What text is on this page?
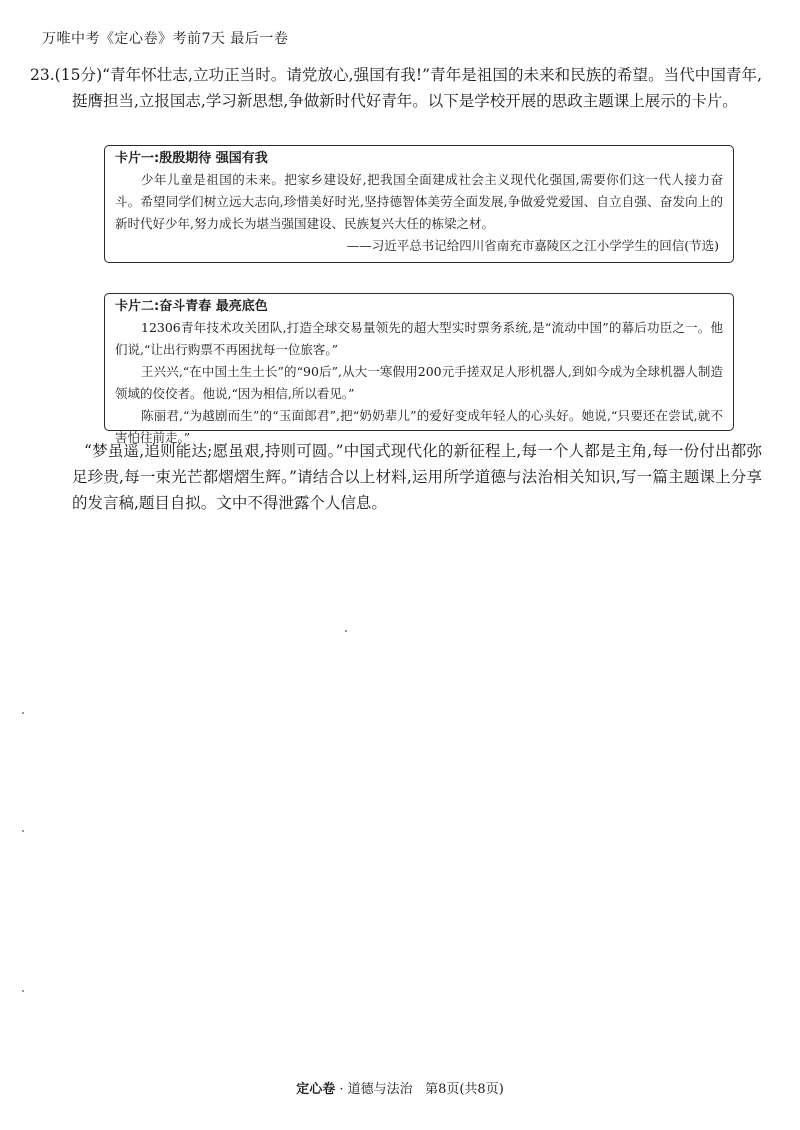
万唯中考《定心卷》考前7天 最后一卷
23.(15分)“青年怀壮志,立功正当时。请党放心,强国有我!”青年是祖国的未来和民族的希望。当代中国青年,挺膺担当,立报国志,学习新思想,争做新时代好青年。以下是学校开展的思政主题课上展示的卡片。
卡片一:殷殷期待 强国有我

少年儿童是祖国的未来。把家乡建设好,把我国全面建成社会主义现代化强国,需要你们这一代人接力奋斗。希望同学们树立远大志向,珍惜美好时光,坚持德智体美劳全面发展,争做爱党爱国、自立自强、奋发向上的新时代好少年,努力成长为堪当强国建设、民族复兴大任的栋梁之材。

——习近平总书记给四川省南充市嘉陵区之江小学学生的回信(节选)

卡片二:奋斗青春 最亮底色

12306青年技术攻关团队,打造全球交易量领先的超大型实时票务系统,是“流动中国”的幕后功臣之一。他们说,“让出行购票不再困扰每一位旅客。”

王兴兴,“在中国土生土长”的“90后”,从大一寒假用200元手搓双足人形机器人,到如今成为全球机器人制造领域的佼佼者。他说,“因为相信,所以看见。”

陈丽君,“为越剧而生”的“玉面郎君”,把“奶奶辈儿”的爱好变成年轻人的心头好。她说,“只要还在尝试,就不害怕往前走。”

“梦虽遥,追则能达;愿虽艰,持则可圆。”中国式现代化的新征程上,每一个人都是主角,每一份付出都弥足珍贵,每一束光芒都熠熠生辉。”请结合以上材料,运用所学道德与法治相关知识,写一篇主题课上分享的发言稿,题目自拟。文中不得泄露个人信息。
定心卷 · 道德与法治 第8页(共8页)
